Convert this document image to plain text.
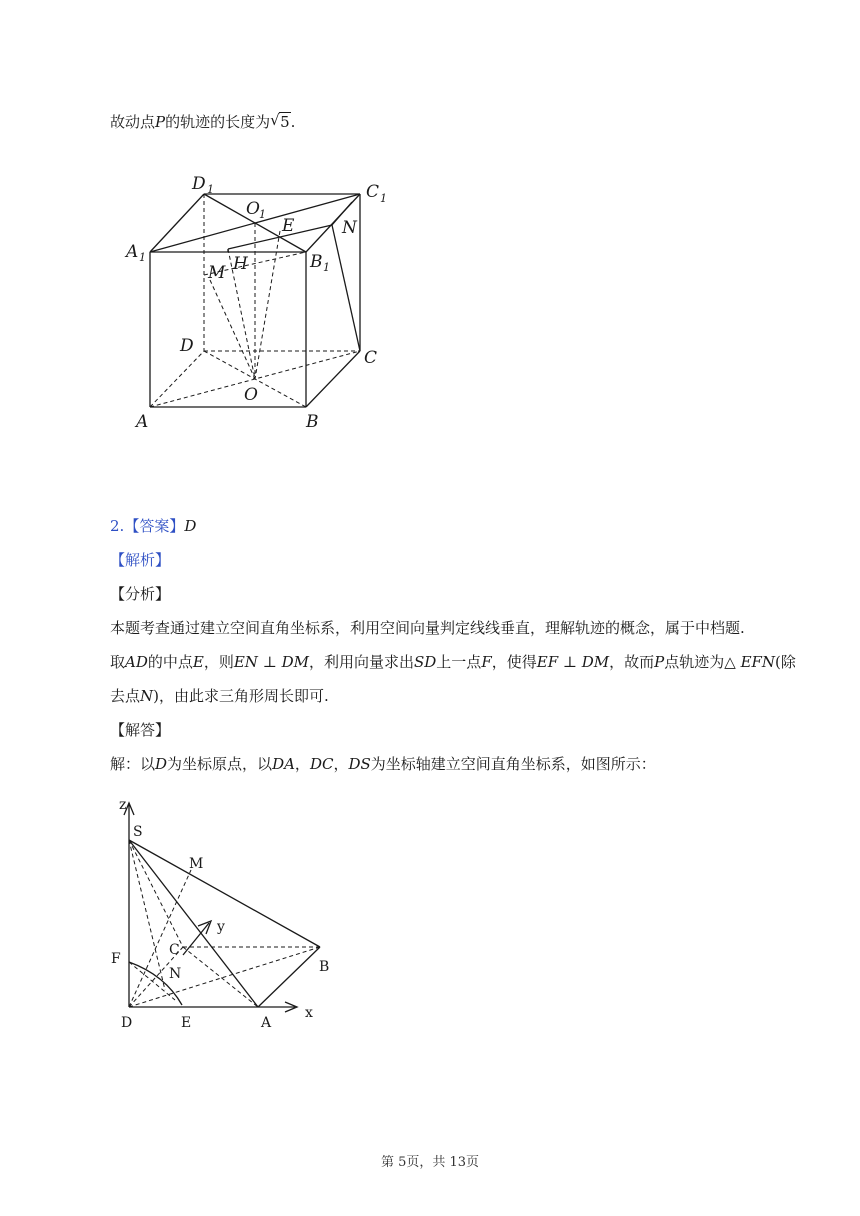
故动点P的轨迹的长度为 √ 5.
D 1	C 1
O 1
E	N
A 1	H	B 1
M
D
C
O
A	B
2.【答案】D
【解析】
【分析】
本题考查通过建立空间直角坐标系，利用空间向量判定线线垂直，理解轨迹的概念，属于中档题.
取AD的中点E，则EN ⊥ DM，利用向量求出SD上一点F，使得EF ⊥ DM，故而P点轨迹为△ EFN(除
去点N)，由此求三角形周长即可.
【解答】
解：以D为坐标原点，以DA，DC，DS为坐标轴建立空间直角坐标系，如图所示：
z
S
M
y
C
B
F
N
D	E	A
x
第 5页，共 13页
